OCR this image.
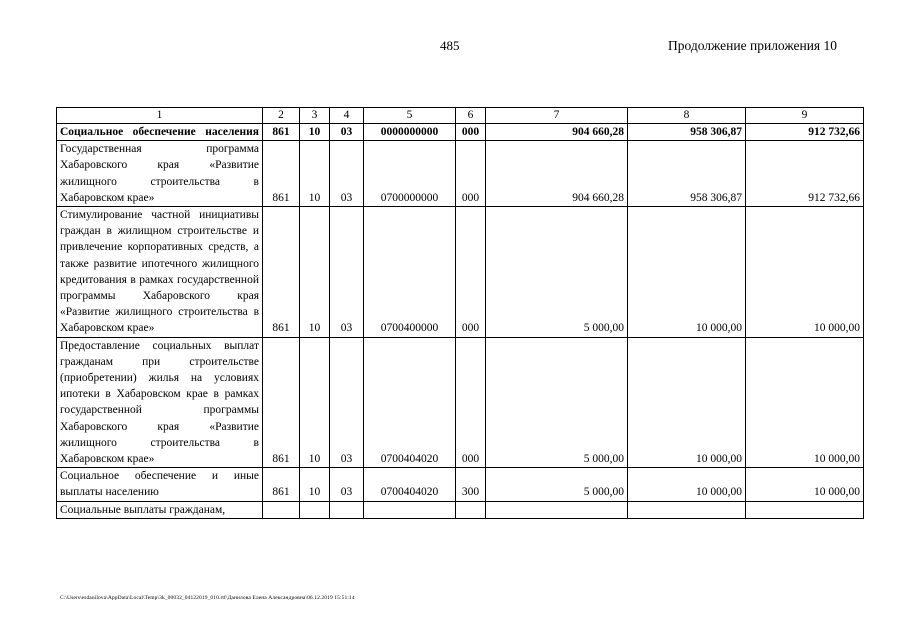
485	Продолжение приложения 10
1	2	3	4	5	6	7	8	9
Социальное обеспечение населения	861	10	03	0000000000	000	904 660,28	958 306,87	912 732,66
Государственная программа Хабаровского края «Развитие жилищного строительства в Хабаровском крае»	861	10	03	0700000000	000	904 660,28	958 306,87	912 732,66
Стимулирование частной инициативы граждан в жилищном строительстве и привлечение корпоративных средств, а также развитие ипотечного жилищного кредитования в рамках государственной программы Хабаровского края «Развитие жилищного строительства в Хабаровском крае»	861	10	03	0700400000	000	5 000,00	10 000,00	10 000,00
Предоставление социальных выплат гражданам при строительстве (приобретении) жилья на условиях ипотеки в Хабаровском крае в рамках государственной программы Хабаровского края «Развитие жилищного строительства в Хабаровском крае»	861	10	03	0700404020	000	5 000,00	10 000,00	10 000,00
Социальное обеспечение и иные выплаты населению	861	10	03	0700404020	300	5 000,00	10 000,00	10 000,00
Социальные выплаты гражданам,								
C:\Users\esdanilova\AppData\Local\Temp\3k_00032_04122019_010.rtf\Данилова Елена Александровна\06.12.2019 15:51:14
